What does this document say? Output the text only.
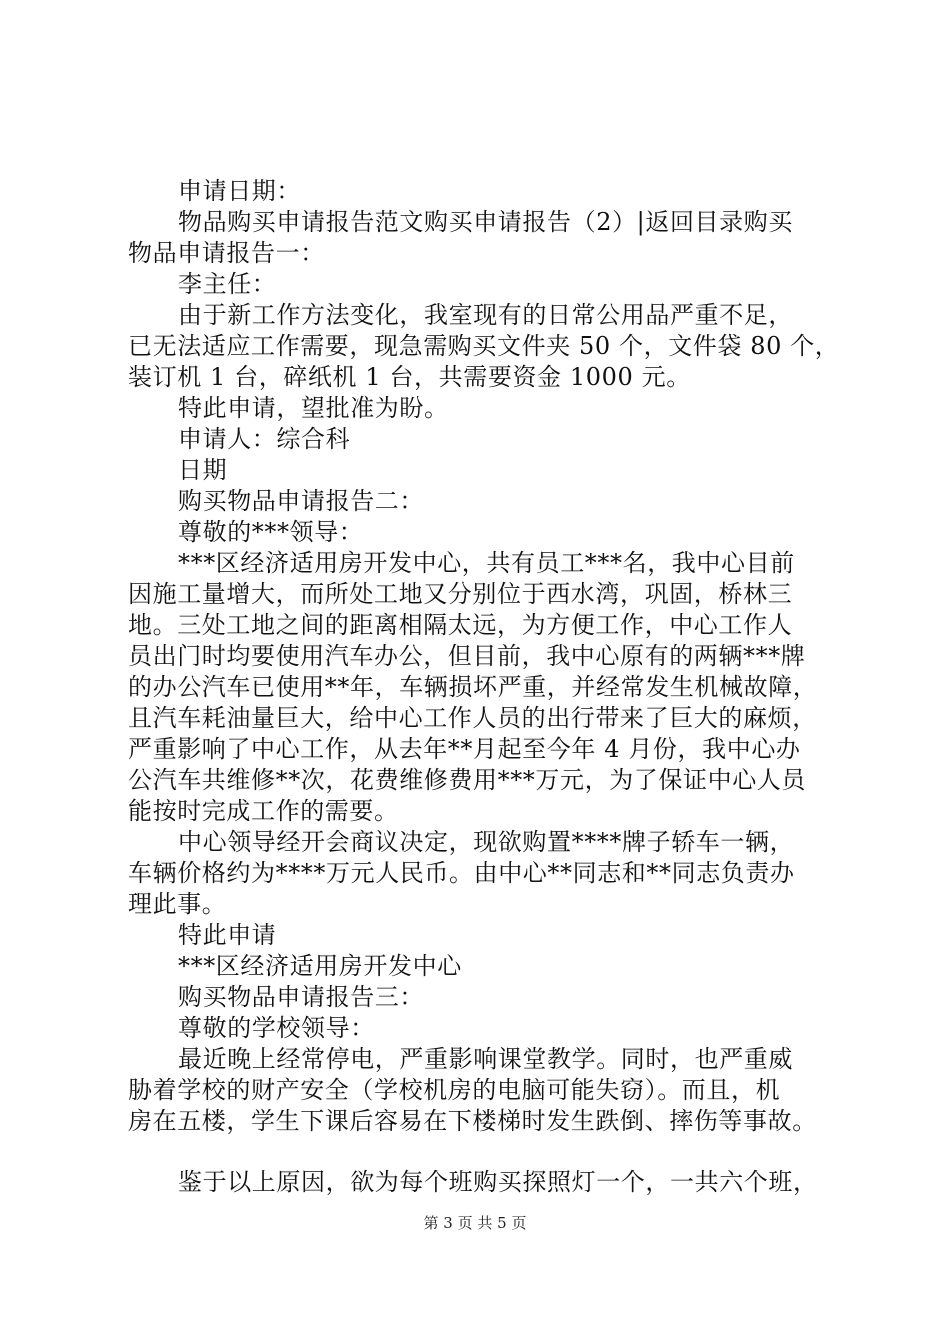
申请日期：
物品购买申请报告范文购买申请报告（2）|返回目录购买
物品申请报告一：
李主任：
由于新工作方法变化，我室现有的日常公用品严重不足，
已无法适应工作需要，现急需购买文件夹 50 个，文件袋 80 个，
装订机 1 台，碎纸机 1 台，共需要资金 1000 元。
特此申请，望批准为盼。
申请人：综合科
日期
购买物品申请报告二：
尊敬的***领导：
***区经济适用房开发中心，共有员工***名，我中心目前
因施工量增大，而所处工地又分别位于西水湾，巩固，桥林三
地。三处工地之间的距离相隔太远，为方便工作，中心工作人
员出门时均要使用汽车办公，但目前，我中心原有的两辆***牌
的办公汽车已使用**年，车辆损坏严重，并经常发生机械故障，
且汽车耗油量巨大，给中心工作人员的出行带来了巨大的麻烦，
严重影响了中心工作，从去年**月起至今年 4 月份，我中心办
公汽车共维修**次，花费维修费用***万元，为了保证中心人员
能按时完成工作的需要。
中心领导经开会商议决定，现欲购置****牌子轿车一辆，
车辆价格约为****万元人民币。由中心**同志和**同志负责办
理此事。
特此申请
***区经济适用房开发中心
购买物品申请报告三：
尊敬的学校领导：
最近晚上经常停电，严重影响课堂教学。同时，也严重威
胁着学校的财产安全（学校机房的电脑可能失窃）。而且，机
房在五楼，学生下课后容易在下楼梯时发生跌倒、摔伤等事故。
鉴于以上原因，欲为每个班购买探照灯一个，一共六个班，
第 3 页 共 5 页
